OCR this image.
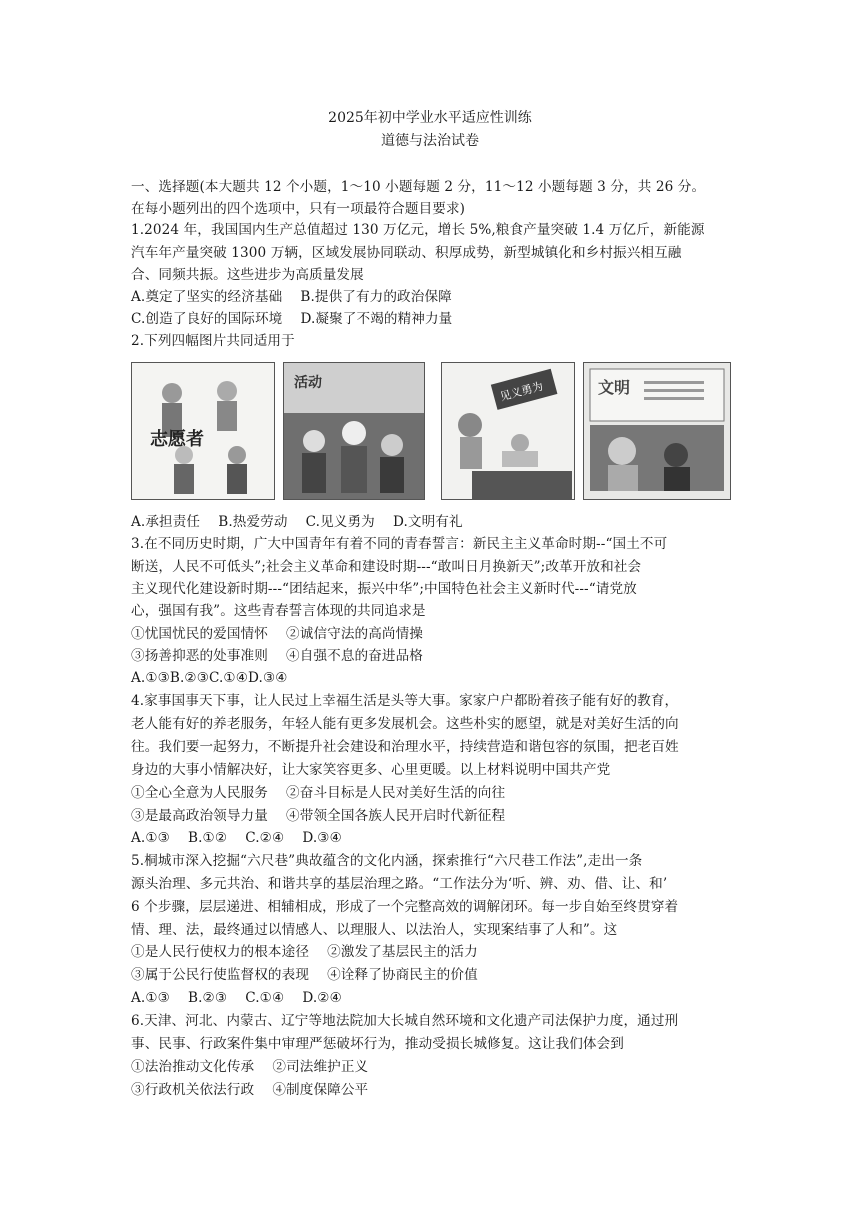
2025年初中学业水平适应性训练
道德与法治试卷
一、选择题(本大题共 12 个小题，1～10 小题每题 2 分，11～12 小题每题 3 分，共 26 分。
在每小题列出的四个选项中，只有一项最符合题目要求)
1.2024 年，我国国内生产总值超过 130 万亿元，增长 5%,粮食产量突破 1.4 万亿斤，新能源
汽车年产量突破 1300 万辆，区域发展协同联动、积厚成势，新型城镇化和乡村振兴相互融
合、同频共振。这些进步为高质量发展
A.奠定了坚实的经济基础　 B.提供了有力的政治保障
C.创造了良好的国际环境　 D.凝聚了不竭的精神力量
2.下列四幅图片共同适用于
志愿者
活动	见义勇为	文明
A.承担责任　 B.热爱劳动　 C.见义勇为　 D.文明有礼
3.在不同历史时期，广大中国青年有着不同的青春誓言：新民主主义革命时期--“国土不可
断送，人民不可低头”;社会主义革命和建设时期---“敢叫日月换新天”;改革开放和社会
主义现代化建设新时期---“团结起来，振兴中华”;中国特色社会主义新时代---“请党放
心，强国有我”。这些青春誓言体现的共同追求是
①忧国忧民的爱国情怀　 ②诚信守法的高尚情操
③扬善抑恶的处事准则　 ④自强不息的奋进品格
A.①③B.②③C.①④D.③④
4.家事国事天下事，让人民过上幸福生活是头等大事。家家户户都盼着孩子能有好的教育，
老人能有好的养老服务，年轻人能有更多发展机会。这些朴实的愿望，就是对美好生活的向
往。我们要一起努力，不断提升社会建设和治理水平，持续营造和谐包容的氛围，把老百姓
身边的大事小情解决好，让大家笑容更多、心里更暖。以上材料说明中国共产党
①全心全意为人民服务　 ②奋斗目标是人民对美好生活的向往
③是最高政治领导力量　 ④带领全国各族人民开启时代新征程
A.①③　 B.①②　 C.②④　 D.③④
5.桐城市深入挖掘“六尺巷”典故蕴含的文化内涵，探索推行“六尺巷工作法”,走出一条
源头治理、多元共治、和谐共享的基层治理之路。“工作法分为‘听、辨、劝、借、让、和’
6 个步骤，层层递进、相辅相成，形成了一个完整高效的调解闭环。每一步自始至终贯穿着
情、理、法，最终通过以情感人、以理服人、以法治人，实现案结事了人和”。这
①是人民行使权力的根本途径　 ②激发了基层民主的活力
③属于公民行使监督权的表现　 ④诠释了协商民主的价值
A.①③　 B.②③　 C.①④　 D.②④
6.天津、河北、内蒙古、辽宁等地法院加大长城自然环境和文化遗产司法保护力度，通过刑
事、民事、行政案件集中审理严惩破坏行为，推动受损长城修复。这让我们体会到
①法治推动文化传承　 ②司法维护正义
③行政机关依法行政　 ④制度保障公平
